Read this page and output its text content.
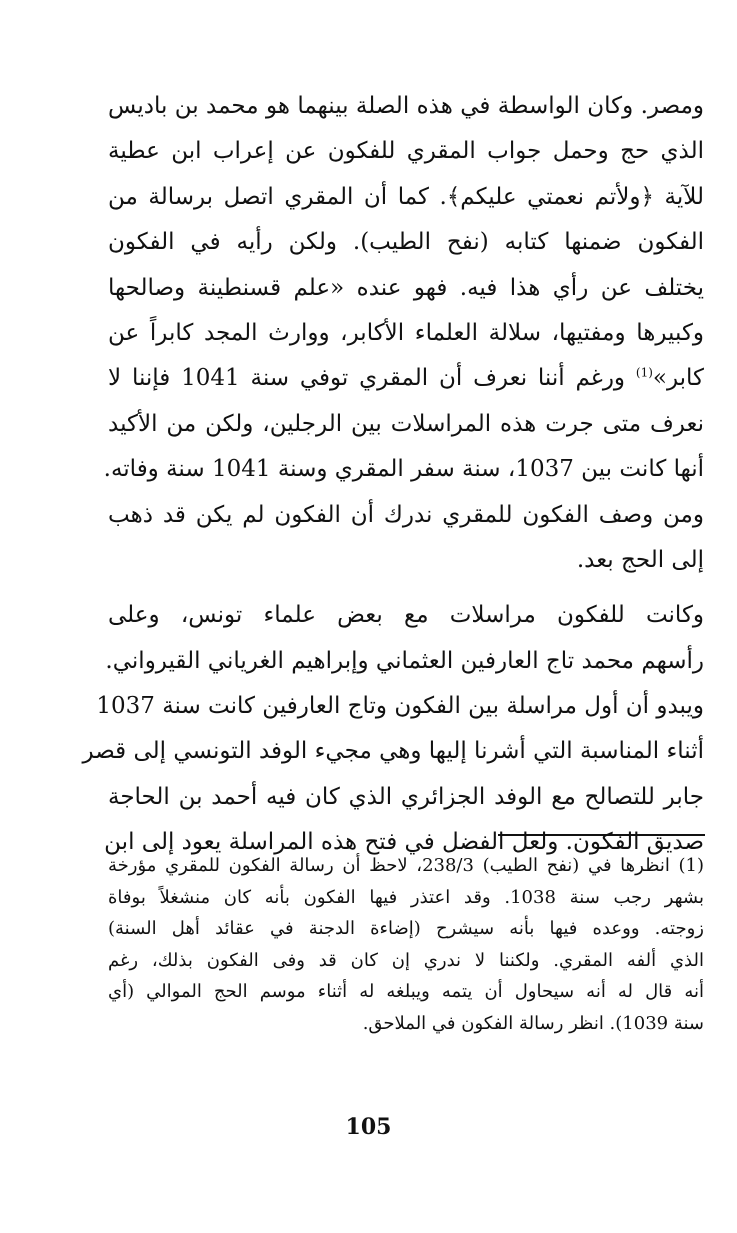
ومصر. وكان الواسطة في هذه الصلة بينهما هو محمد بن باديس
الذي حج وحمل جواب المقري للفكون عن إعراب ابن عطية
للآية ﴿ولأتم نعمتي عليكم﴾. كما أن المقري اتصل برسالة من
الفكون ضمنها كتابه (نفح الطيب). ولكن رأيه في الفكون
يختلف عن رأي هذا فيه. فهو عنده «علم قسنطينة وصالحها
وكبيرها ومفتيها، سلالة العلماء الأكابر، ووارث المجد كابراً عن
كابر»$^{(1)}$ ورغم أننا نعرف أن المقري توفي سنة 1041 فإننا لا
نعرف متى جرت هذه المراسلات بين الرجلين، ولكن من الأكيد
أنها كانت بين 1037، سنة سفر المقري وسنة 1041 سنة وفاته.
ومن وصف الفكون للمقري ندرك أن الفكون لم يكن قد ذهب
إلى الحج بعد.
وكانت للفكون مراسلات مع بعض علماء تونس، وعلى
رأسهم محمد تاج العارفين العثماني وإبراهيم الغرياني القيرواني.
ويبدو أن أول مراسلة بين الفكون وتاج العارفين كانت سنة 1037
أثناء المناسبة التي أشرنا إليها وهي مجيء الوفد التونسي إلى قصر
جابر للتصالح مع الوفد الجزائري الذي كان فيه أحمد بن الحاجة
صديق الفكون. ولعل الفضل في فتح هذه المراسلة يعود إلى ابن
(1) انظرها في (نفح الطيب) 238/3، لاحظ أن رسالة الفكون للمقري مؤرخة
بشهر رجب سنة 1038. وقد اعتذر فيها الفكون بأنه كان منشغلاً بوفاة
زوجته. ووعده فيها بأنه سيشرح (إضاءة الدجنة في عقائد أهل السنة)
الذي ألفه المقري. ولكننا لا ندري إن كان قد وفى الفكون بذلك، رغم
أنه قال له أنه سيحاول أن يتمه ويبلغه له أثناء موسم الحج الموالي (أي
سنة 1039). انظر رسالة الفكون في الملاحق.
105
